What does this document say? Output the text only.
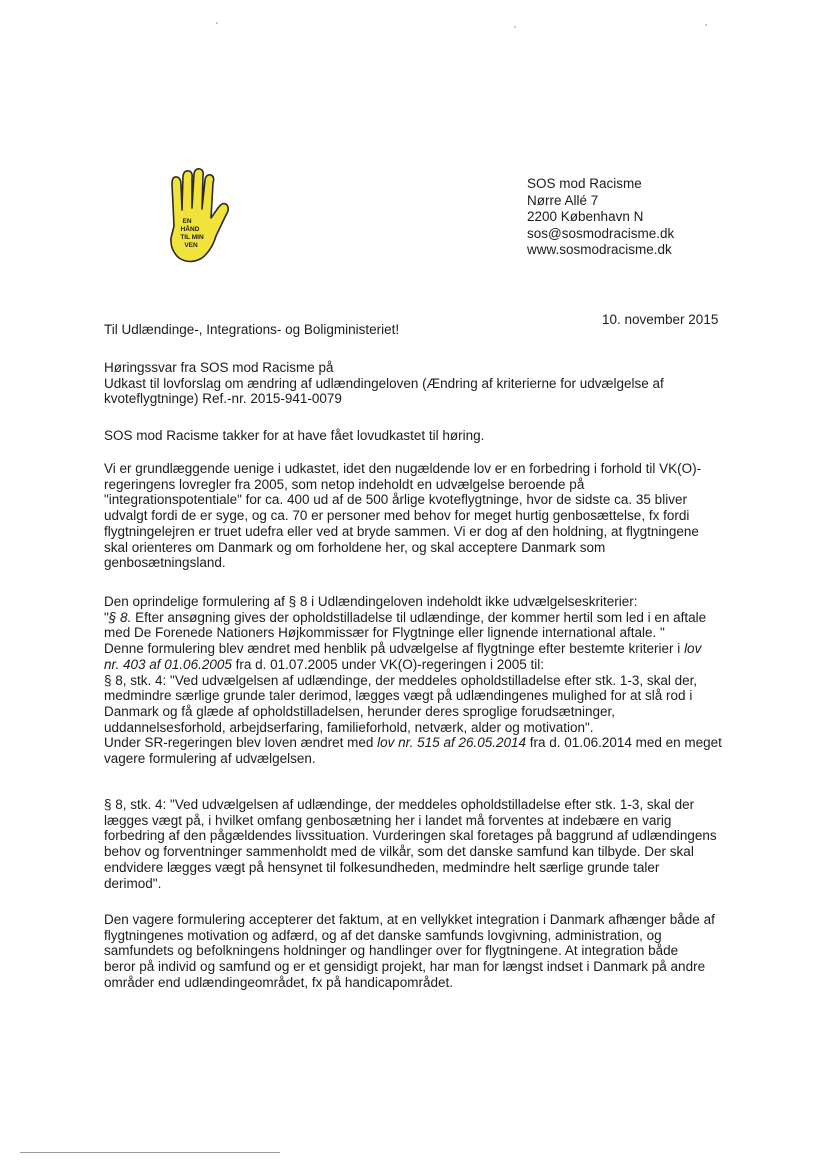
EN
HÅND
TIL MIN
VEN
SOS mod Racisme
Nørre Allé 7
2200 København N
sos@sosmodracisme.dk
www.sosmodracisme.dk
10. november 2015
Til Udlændinge-, Integrations- og Boligministeriet!
Høringssvar fra SOS mod Racisme på
Udkast til lovforslag om ændring af udlændingeloven (Ændring af kriterierne for udvælgelse af
kvoteflygtninge) Ref.-nr. 2015-941-0079
SOS mod Racisme takker for at have fået lovudkastet til høring.
Vi er grundlæggende uenige i udkastet, idet den nugældende lov er en forbedring i forhold til VK(O)-
regeringens lovregler fra 2005, som netop indeholdt en udvælgelse beroende på
"integrationspotentiale" for ca. 400 ud af de 500 årlige kvoteflygtninge, hvor de sidste ca. 35 bliver
udvalgt fordi de er syge, og ca. 70 er personer med behov for meget hurtig genbosættelse, fx fordi
flygtningelejren er truet udefra eller ved at bryde sammen. Vi er dog af den holdning, at flygtningene
skal orienteres om Danmark og om forholdene her, og skal acceptere Danmark som
genbosætningsland.
Den oprindelige formulering af § 8 i Udlændingeloven indeholdt ikke udvælgelseskriterier:
"§ 8. Efter ansøgning gives der opholdstilladelse til udlændinge, der kommer hertil som led i en aftale
med De Forenede Nationers Højkommissær for Flygtninge eller lignende international aftale. "
Denne formulering blev ændret med henblik på udvælgelse af flygtninge efter bestemte kriterier i lov
nr. 403 af 01.06.2005 fra d. 01.07.2005 under VK(O)-regeringen i 2005 til:
§ 8, stk. 4: "Ved udvælgelsen af udlændinge, der meddeles opholdstilladelse efter stk. 1-3, skal der,
medmindre særlige grunde taler derimod, lægges vægt på udlændingenes mulighed for at slå rod i
Danmark og få glæde af opholdstilladelsen, herunder deres sproglige forudsætninger,
uddannelsesforhold, arbejdserfaring, familieforhold, netværk, alder og motivation".
Under SR-regeringen blev loven ændret med lov nr. 515 af 26.05.2014 fra d. 01.06.2014 med en meget
vagere formulering af udvælgelsen.
§ 8, stk. 4: "Ved udvælgelsen af udlændinge, der meddeles opholdstilladelse efter stk. 1-3, skal der
lægges vægt på, i hvilket omfang genbosætning her i landet må forventes at indebære en varig
forbedring af den pågældendes livssituation. Vurderingen skal foretages på baggrund af udlændingens
behov og forventninger sammenholdt med de vilkår, som det danske samfund kan tilbyde. Der skal
endvidere lægges vægt på hensynet til folkesundheden, medmindre helt særlige grunde taler
derimod".
Den vagere formulering accepterer det faktum, at en vellykket integration i Danmark afhænger både af
flygtningenes motivation og adfærd, og af det danske samfunds lovgivning, administration, og
samfundets og befolkningens holdninger og handlinger over for flygtningene. At integration både
beror på individ og samfund og er et gensidigt projekt, har man for længst indset i Danmark på andre
områder end udlændingeområdet, fx på handicapområdet.
